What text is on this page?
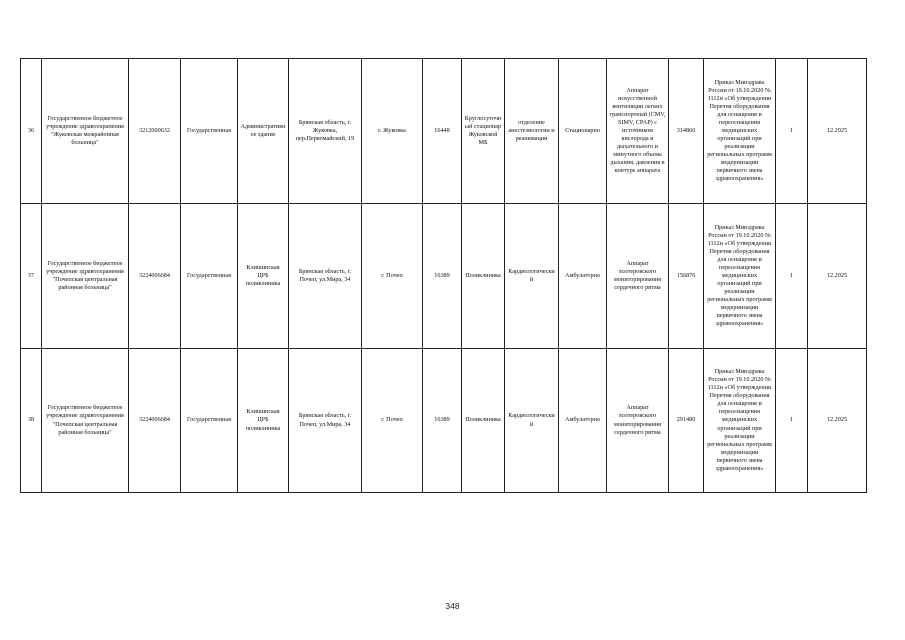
36	Государственное бюджетное учреждение здравоохранения "Жуковская межрайонная больница"	3212000632	Государственная	Административное здание	Брянская область, г. Жуковка, пер.Первомайский, 19	г. Жуковка	16448	Круглосуточный стационар Жуковской МБ	отделение анестезиологии и реанимации	Стационарно	Аппарат искусственной вентиляции легких транспортный (CMV, SIMV, CPAP) с источником кислорода и дыхательного и минутного объема дыхания, давления в контуре аппарата	314860	Приказ Минздрава России от 19.10.2020 № 1112н «Об утверждении Перечня оборудования для оснащения и переоснащения медицинских организаций при реализации региональных программ модернизации первичного звена здравоохранения»	1	12.2025
37	Государственное бюджетное учреждение здравоохранения "Почепская центральная районная больница"	3224006684	Государственная	Клишинская ЦРБ поликлиника	Брянская область, г. Почеп, ул.Мира, 34	г. Почеп	16389	Поликлиника	Кардиологический	Амбулаторно	Аппарат холтеровского мониторирования сердечного ритма	156876	Приказ Минздрава России от 19.10.2020 № 1112н «Об утверждении Перечня оборудования для оснащения и переоснащения медицинских организаций при реализации региональных программ модернизации первичного звена здравоохранения»	1	12.2025
38	Государственное бюджетное учреждение здравоохранения "Почепская центральная районная больница"	3224006684	Государственная	Клишинская ЦРБ поликлиника	Брянская область, г. Почеп, ул.Мира, 34	г. Почеп	16389	Поликлиника	Кардиологический	Амбулаторно	Аппарат холтеровского мониторирования сердечного ритма	291480	Приказ Минздрава России от 19.10.2020 № 1112н «Об утверждении Перечня оборудования для оснащения и переоснащения медицинских организаций при реализации региональных программ модернизации первичного звена здравоохранения»	1	12.2025
348
